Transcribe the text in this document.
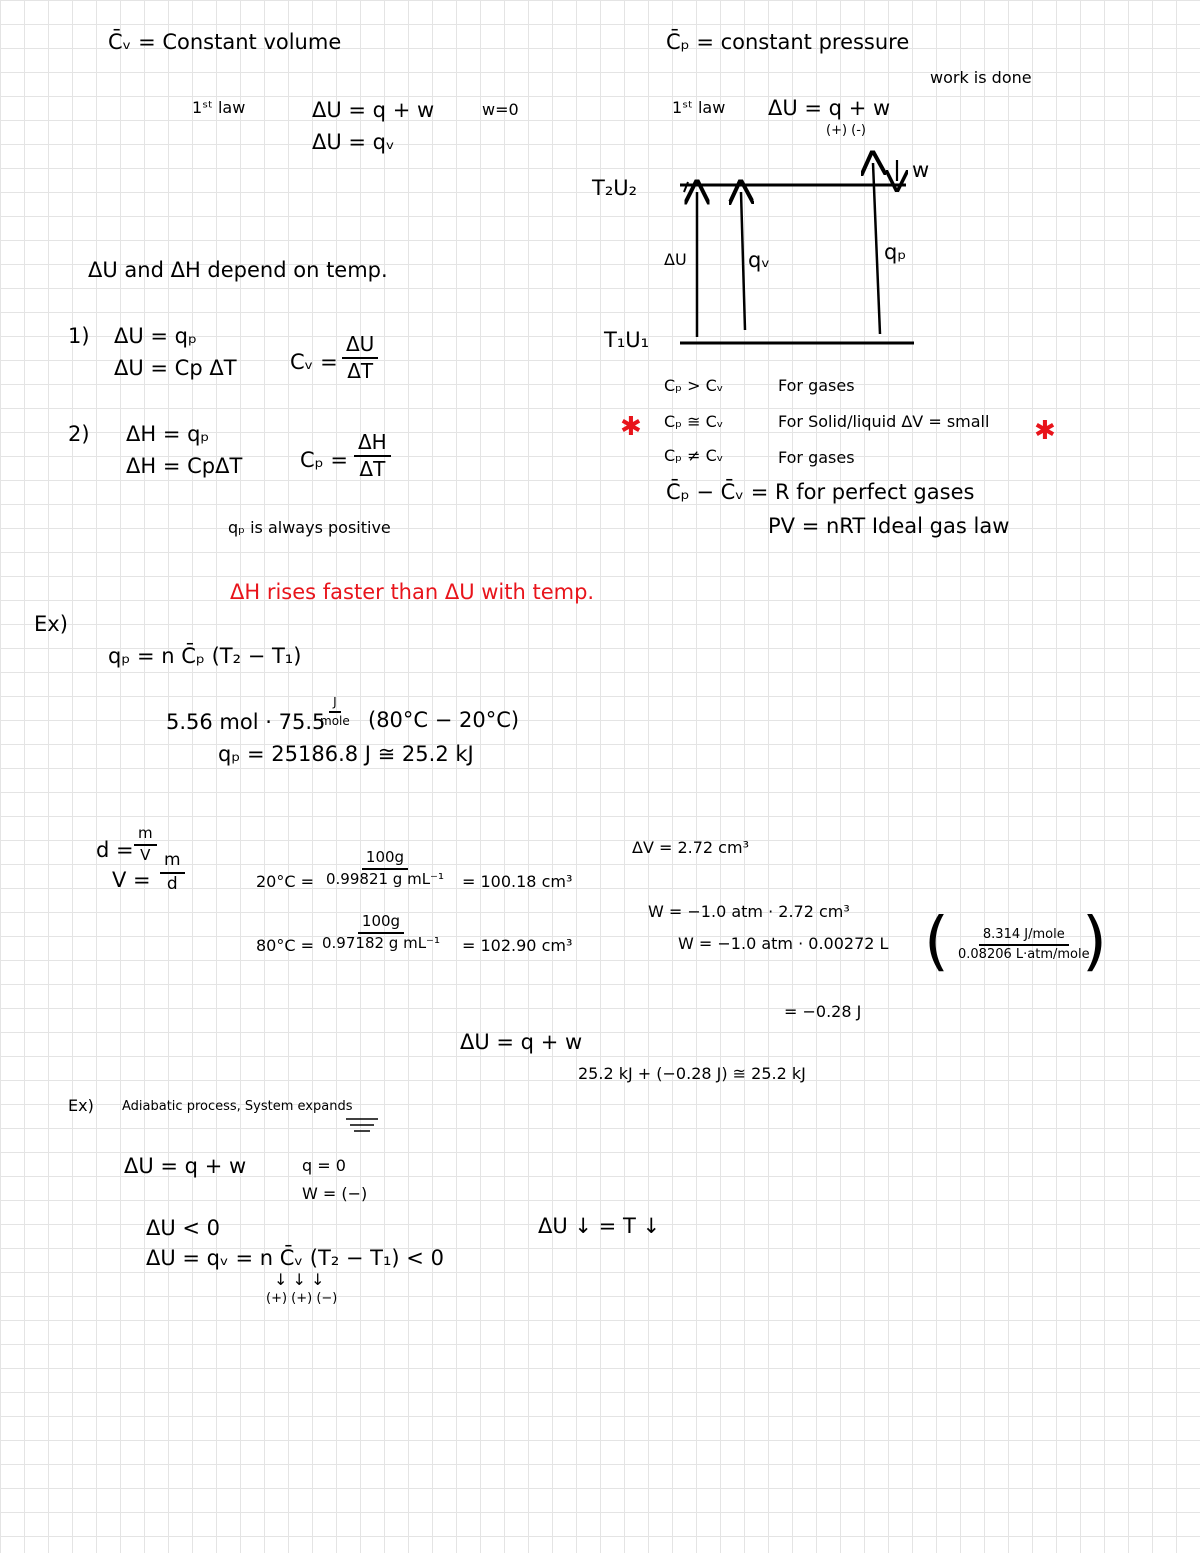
C̄ᵥ = Constant volume
1ˢᵗ law	ΔU = q + w	w=0
ΔU = qᵥ
C̄ₚ = constant pressure
work is done
1ˢᵗ law ΔU = q + w
(+) (-)
T₂U₂
T₁U₁
ΔU	qᵥ	qₚ
w
ΔU and ΔH depend on temp.
1) ΔU = qₚ
ΔU = Cp ΔT	Cᵥ = $\frac{\Delta U}{\Delta T}$
2) ΔH = qₚ
ΔH = CpΔT	$C_p = \frac{\Delta H}{\Delta T}$
qₚ is always positive
ΔH rises faster than ΔU with temp.
Cₚ > Cᵥ	For gases
✱ Cₚ ≅ Cᵥ	For Solid/liquid ΔV = small ✱
Cₚ ≠ Cᵥ	For gases
C̄ₚ − C̄ᵥ = R for perfect gases
PV = nRT Ideal gas law
Ex)
qₚ = n C̄ₚ (T₂ − T₁)
5.56 mol · 75.5
J
mole (80°C − 20°C)
qₚ = 25186.8 J ≅ 25.2 kJ
$d = \frac{m}{V}$
$V = \frac{m}{d}$	$20^\circ C = \frac{100g}{\text{0.99821 g mL⁻¹}} = 100.18$ cm³
$80^\circ C = \frac{100g}{\text{0.97182 g mL⁻¹}} = 102.90$ cm³
ΔV = 2.72 cm³
W = −1.0 atm · 2.72 cm³
W = −1.0 atm · 0.00272 L (	8.314 J/mole
0.08206 L·atm/mole
)
= −0.28 J
ΔU = q + w
25.2 kJ + (−0.28 J) ≅ 25.2 kJ
Ex) Adiabatic process, System expands
ΔU = q + w	q = 0
W = (−)
ΔU < 0
ΔU = qᵥ = n C̄ᵥ (T₂ − T₁) < 0
↓ ↓ ↓
(+) (+) (−)
ΔU ↓ = T ↓
